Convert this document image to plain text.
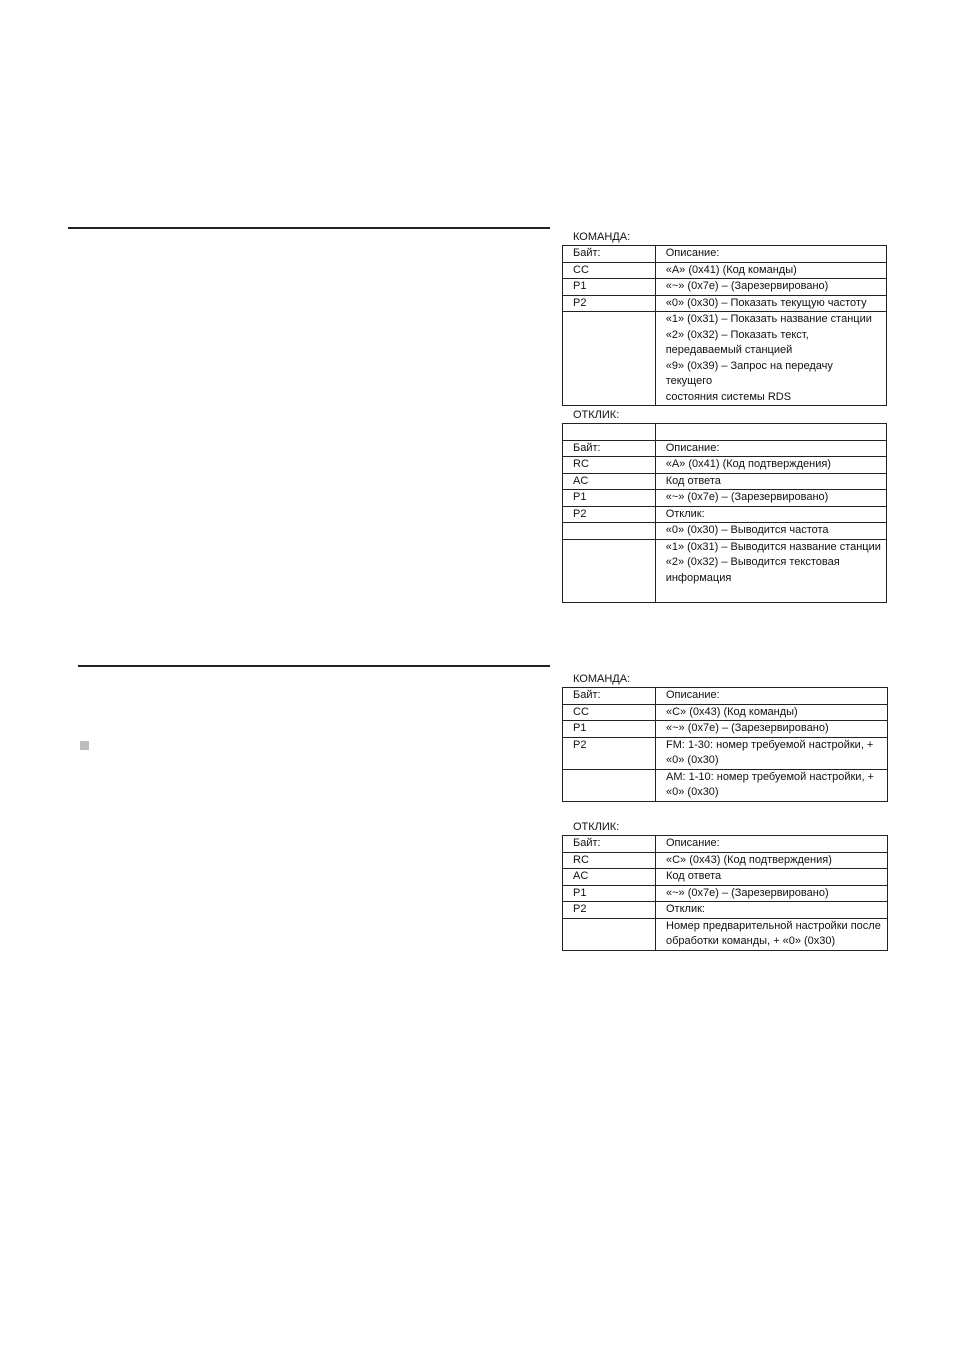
КОМАНДА:
Байт:	Описание:

CC	«A» (0x41) (Код команды)

P1	«~» (0x7e) – (Зарезервировано)

P2	«0» (0x30) – Показать текущую частоту

	«1» (0x31) – Показать название станции
«2» (0x32) – Показать текст,
передаваемый станцией
«9» (0x39) – Запрос на передачу текущего
состояния системы RDS
ОТКЛИК:

Байт:	Описание:

RC	«A» (0x41) (Код подтверждения)

AC	Код ответа

P1	«~» (0x7e) – (Зарезервировано)

P2	Отклик:

	«0» (0x30) – Выводится частота

	«1» (0x31) – Выводится название станции
«2» (0x32) – Выводится текстовая
информация

КОМАНДА:
Байт:	Описание:

CC	«C» (0x43) (Код команды)

P1	«~» (0x7e) – (Зарезервировано)

P2	FM: 1-30: номер требуемой настройки, +
«0» (0x30)

	AM: 1-10: номер требуемой настройки, +
«0» (0x30)
ОТКЛИК:
Байт:	Описание:

RC	«C» (0x43) (Код подтверждения)

AC	Код ответа

P1	«~» (0x7e) – (Зарезервировано)

P2	Отклик:

	Номер предварительной настройки после
обработки команды, + «0» (0x30)
